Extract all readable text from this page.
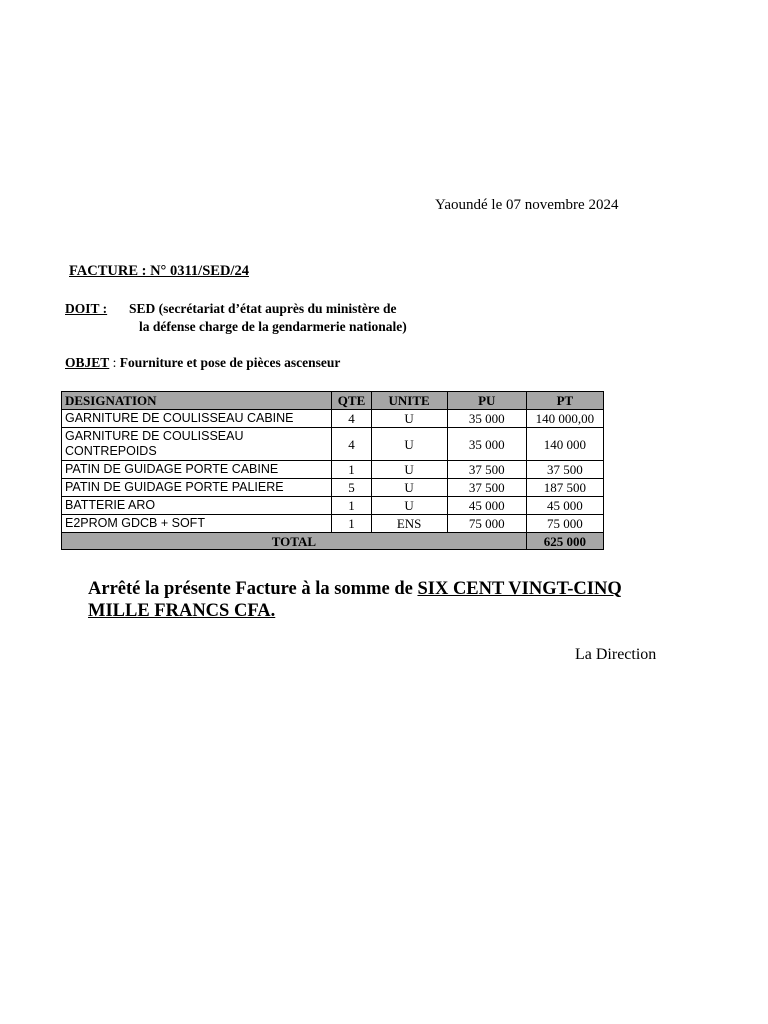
Yaoundé le 07 novembre 2024
FACTURE : N° 0311/SED/24
DOIT : SED (secrétariat d’état auprès du ministère de
la défense charge de la gendarmerie nationale)
OBJET : Fourniture et pose de pièces ascenseur
DESIGNATION	QTE	UNITE	PU	PT
GARNITURE DE COULISSEAU CABINE	4	U	35 000	140 000,00
GARNITURE DE COULISSEAU CONTREPOIDS	4	U	35 000	140 000
PATIN DE GUIDAGE PORTE CABINE	1	U	37 500	37 500
PATIN DE GUIDAGE PORTE PALIERE	5	U	37 500	187 500
BATTERIE ARO	1	U	45 000	45 000
E2PROM GDCB + SOFT	1	ENS	75 000	75 000
TOTAL				625 000
Arrêté la présente Facture à la somme de SIX CENT VINGT-CINQ
MILLE FRANCS CFA.
La Direction
